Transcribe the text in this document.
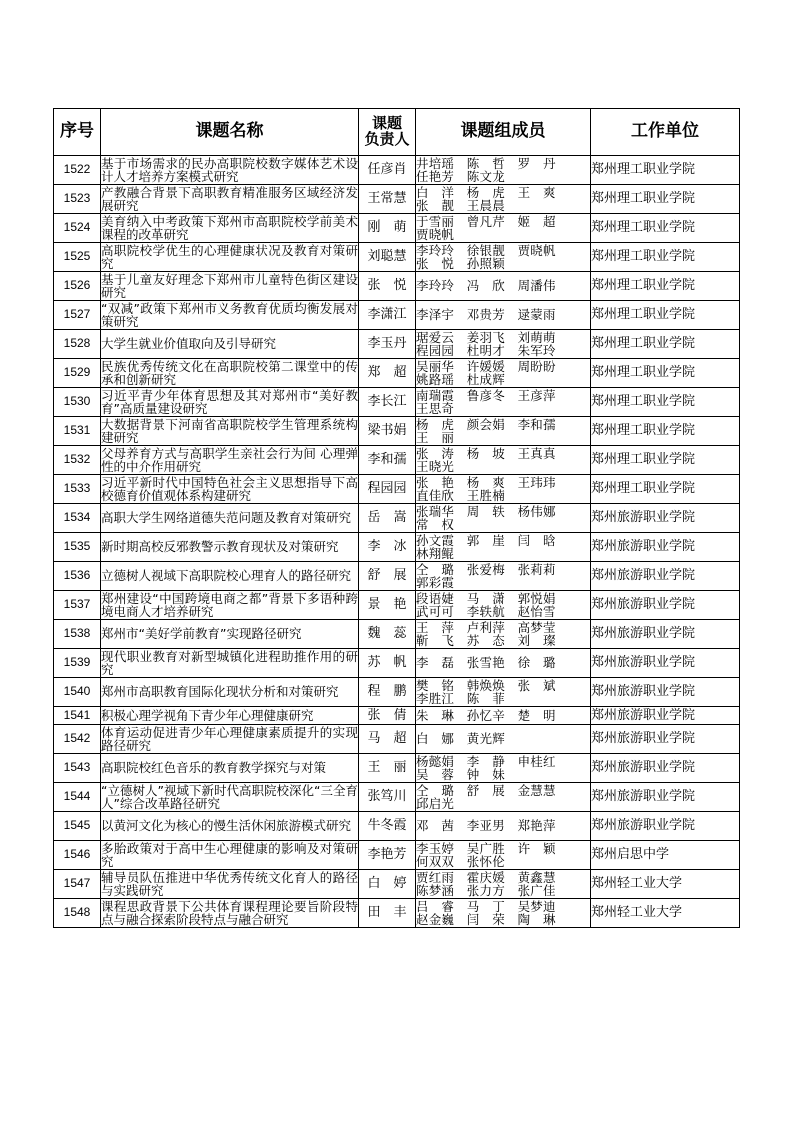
序号	课题名称	课题
负责人	课题组成员	工作单位
1522	基于市场需求的民办高职院校数字媒体艺术设计人才培养方案模式研究	任彦肖	井培瑶　陈　哲　罗　丹
任艳芳　陈文龙	郑州理工职业学院
1523	产教融合背景下高职教育精准服务区域经济发展研究	王常慧	白　洋　杨　虎　王　爽
张　靓　王晨晨	郑州理工职业学院
1524	美育纳入中考政策下郑州市高职院校学前美术课程的改革研究	刚　萌	于雪丽　曾凡芹　姬　超
贾晓帆	郑州理工职业学院
1525	高职院校学优生的心理健康状况及教育对策研究	刘聪慧	李玲玲　徐银靓　贾晓帆
张　悦　孙照颖	郑州理工职业学院
1526	基于儿童友好理念下郑州市儿童特色街区建设研究	张　悦	李玲玲　冯　欣　周潘伟	郑州理工职业学院
1527	“双减”政策下郑州市义务教育优质均衡发展对策研究	李潇江	李泽宇　邓贵芳　逯蒙雨	郑州理工职业学院
1528	大学生就业价值取向及引导研究	李玉丹	琚爱云　姜羽飞　刘萌萌
程园园　杜明才　朱军玲	郑州理工职业学院
1529	民族优秀传统文化在高职院校第二课堂中的传承和创新研究	郑　超	吴丽华　许媛媛　周盼盼
姚路瑶　杜成辉	郑州理工职业学院
1530	习近平青少年体育思想及其对郑州市“美好教育”高质量建设研究	李长江	南瑞霞　鲁彦冬　王彦萍
王思奇	郑州理工职业学院
1531	大数据背景下河南省高职院校学生管理系统构建研究	梁书娟	杨　虎　颜会娟　李和孺
王　丽	郑州理工职业学院
1532	父母养育方式与高职学生亲社会行为间 心理弹性的中介作用研究	李和孺	张　涛　杨　坡　王真真
王晓光	郑州理工职业学院
1533	习近平新时代中国特色社会主义思想指导下高校德育价值观体系构建研究	程园园	张　艳　杨　爽　王玮玮
直佳欣　王胜楠	郑州理工职业学院
1534	高职大学生网络道德失范问题及教育对策研究	岳　嵩	张瑞华　周　轶　杨伟娜
常　权	郑州旅游职业学院
1535	新时期高校反邪教警示教育现状及对策研究	李　冰	孙文霞　郭　崖　闫　晗
林翔鲲	郑州旅游职业学院
1536	立德树人视域下高职院校心理育人的路径研究	舒　展	仝　璐　张爱梅　张莉莉
郭彩霞	郑州旅游职业学院
1537	郑州建设“中国跨境电商之都”背景下多语种跨境电商人才培养研究	景　艳	段语婕　马　潇　郭悦娟
武可可　李轶航　赵怡雪	郑州旅游职业学院
1538	郑州市“美好学前教育”实现路径研究	魏　蕊	王　萍　卢利萍　高梦莹
靳　飞　苏　态　刘　璨	郑州旅游职业学院
1539	现代职业教育对新型城镇化进程助推作用的研究	苏　帆	李　磊　张雪艳　徐　璐	郑州旅游职业学院
1540	郑州市高职教育国际化现状分析和对策研究	程　鹏	樊　铭　韩焕焕　张　斌
李胜江　陈　菲	郑州旅游职业学院
1541	积极心理学视角下青少年心理健康研究	张　倩	朱　琳　孙忆辛　楚　明	郑州旅游职业学院
1542	体育运动促进青少年心理健康素质提升的实现路径研究	马　超	白　娜　黄光辉	郑州旅游职业学院
1543	高职院校红色音乐的教育教学探究与对策	王　丽	杨懿娟　李　静　申桂红
吴　蓉　钟　妹	郑州旅游职业学院
1544	“立德树人”视域下新时代高职院校深化“三全育人”综合改革路径研究	张笃川	仝　璐　舒　展　金慧慧
邱启光	郑州旅游职业学院
1545	以黄河文化为核心的慢生活休闲旅游模式研究	牛冬霞	邓　茜　李亚男　郑艳萍	郑州旅游职业学院
1546	多胎政策对于高中生心理健康的影响及对策研究	李艳芳	李玉婷　吴广胜　许　颖
何双双　张怀伦	郑州启思中学
1547	辅导员队伍推进中华优秀传统文化育人的路径与实践研究	白　婷	贾红雨　霍庆媛　黄鑫慧
陈梦涵　张力方　张广佳	郑州轻工业大学
1548	课程思政背景下公共体育课程理论要旨阶段特点与融合探索阶段特点与融合研究	田　丰	吕　睿　马　丁　吴梦迪
赵金巍　闫　荣　陶　琳	郑州轻工业大学
